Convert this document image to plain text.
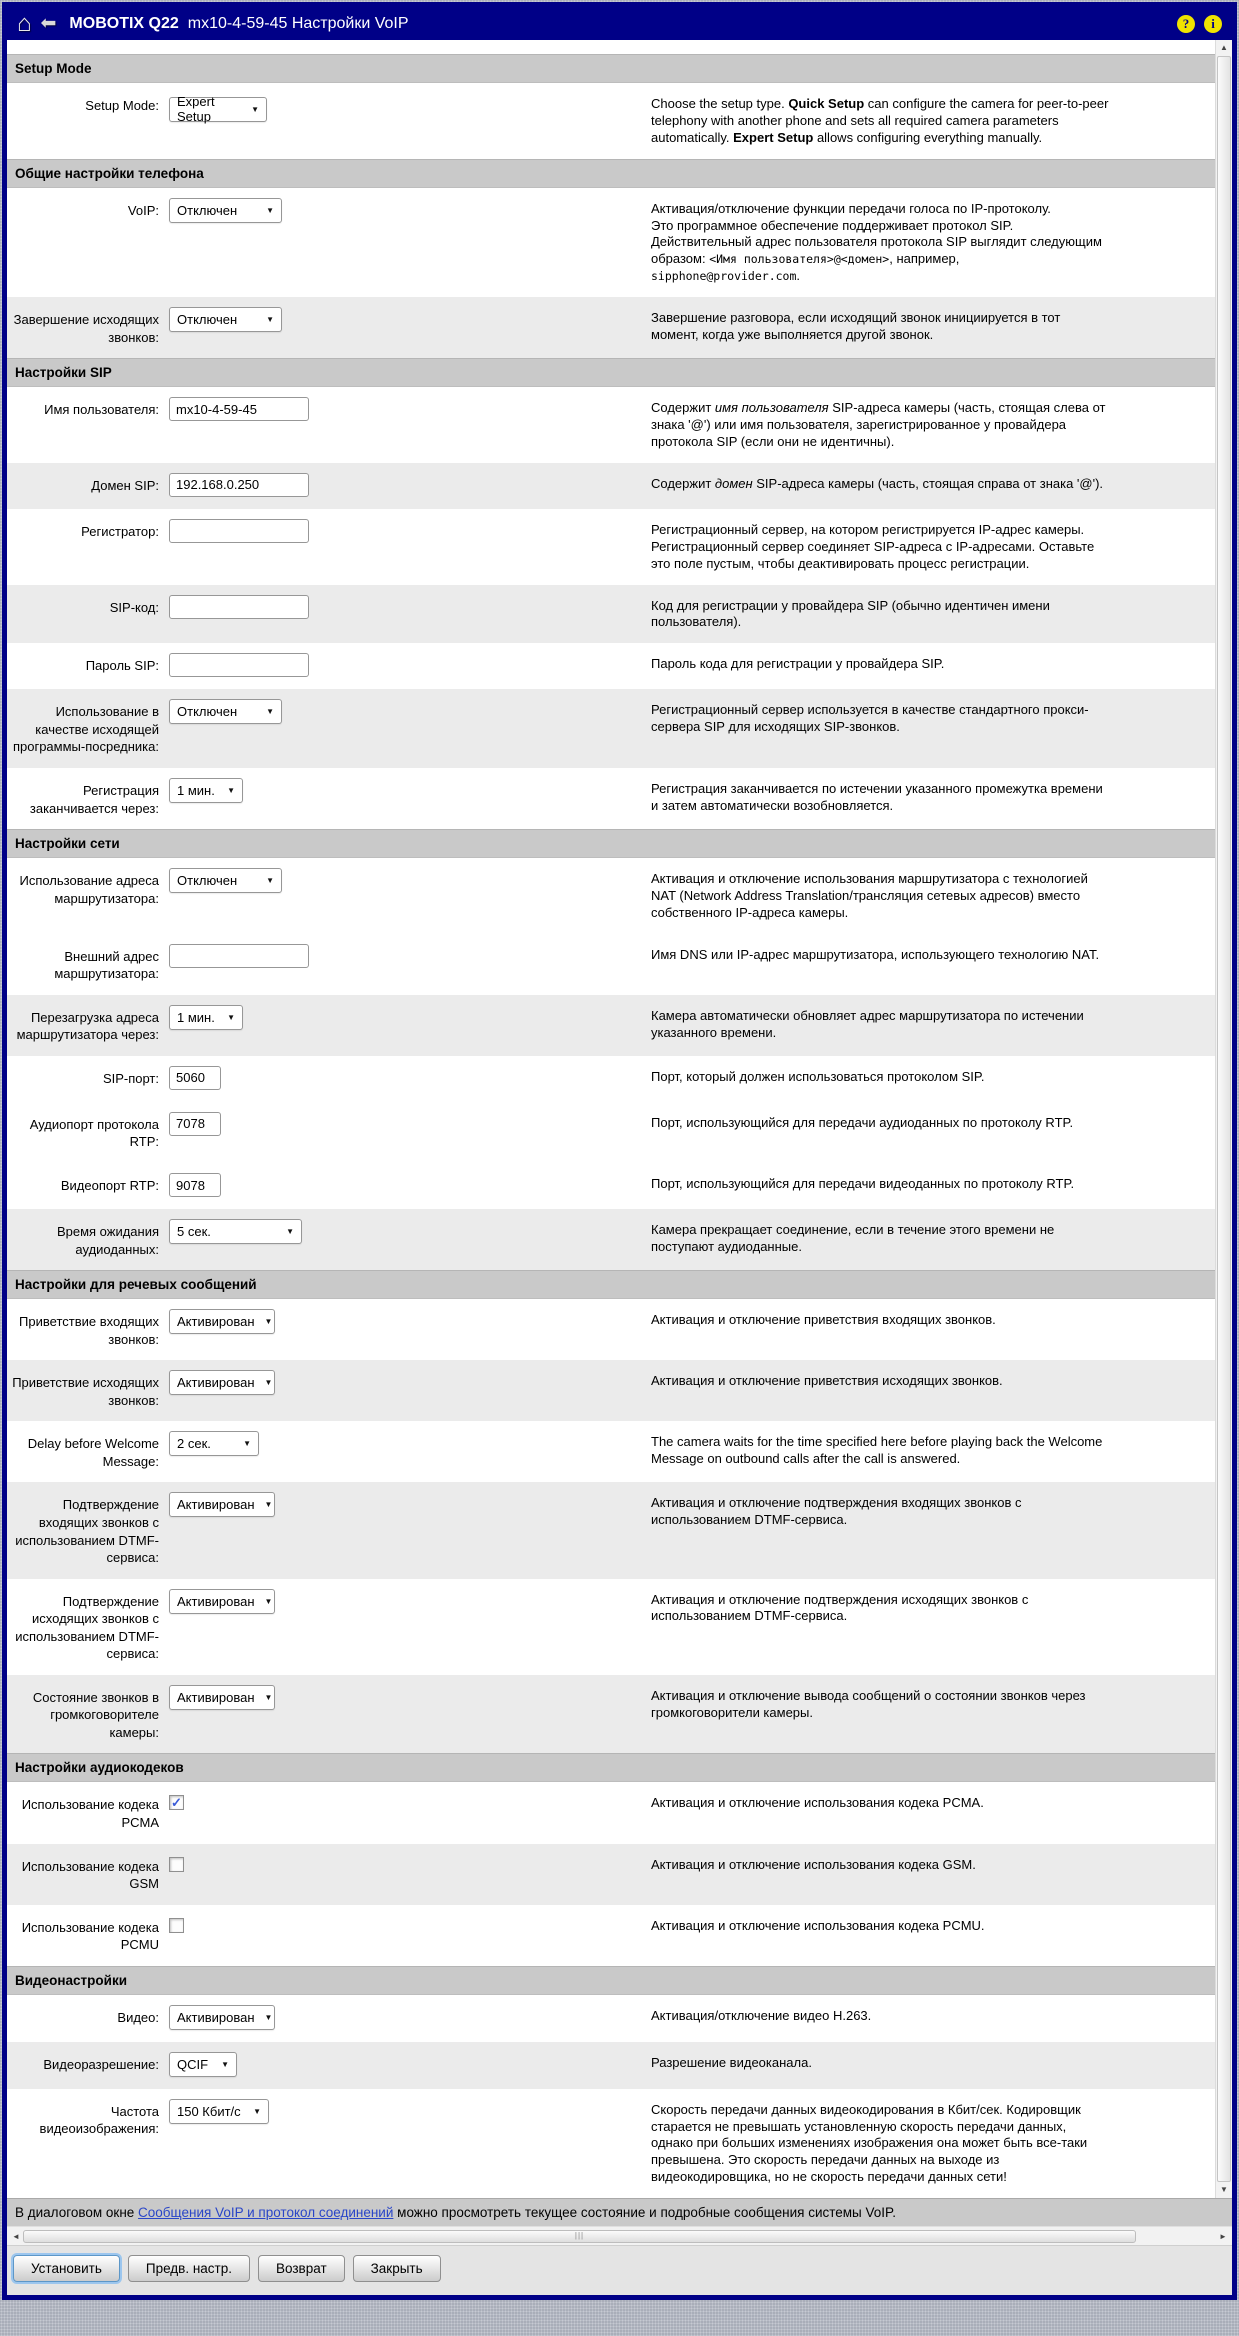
⌂ ⬅ MOBOTIX Q22 mx10-4-59-45 Настройки VoIP	?	i
Setup Mode
Setup Mode: Expert Setup	▼	Choose the setup type. Quick Setup can configure the camera for peer-to-peer telephony with another phone and sets all required camera parameters automatically. Expert Setup allows configuring everything manually.
Общие настройки телефона
VoIP: Отключен	▼	Активация/отключение функции передачи голоса по IP-протоколу.
Это программное обеспечение поддерживает протокол SIP.
Действительный адрес пользователя протокола SIP выглядит следующим образом: <Имя пользователя>@<домен>, например, sipphone@provider.com.
Завершение исходящих звонков:
Отключен	▼	Завершение разговора, если исходящий звонок инициируется в тот момент, когда уже выполняется другой звонок.
Настройки SIP
Имя пользователя:
mx10-4-59-45	Содержит имя пользователя SIP-адреса камеры (часть, стоящая слева от знака '@') или имя пользователя, зарегистрированное у провайдера протокола SIP (если они не идентичны).
Домен SIP:
192.168.0.250	Содержит домен SIP-адреса камеры (часть, стоящая справа от знака '@').
Регистратор:	Регистрационный сервер, на котором регистрируется IP-адрес камеры. Регистрационный сервер соединяет SIP-адреса с IP-адресами. Оставьте это поле пустым, чтобы деактивировать процесс регистрации.
SIP-код:	Код для регистрации у провайдера SIP (обычно идентичен имени пользователя).
Пароль SIP:	Пароль кода для регистрации у провайдера SIP.
Использование в качестве исходящей программы-посредника:
Отключен	▼	Регистрационный сервер используется в качестве стандартного прокси-сервера SIP для исходящих SIP-звонков.
Регистрация заканчивается через:
1 мин. ▼	Регистрация заканчивается по истечении указанного промежутка времени и затем автоматически возобновляется.
Настройки сети
Использование адреса маршрутизатора:
Отключен	▼	Активация и отключение использования маршрутизатора с технологией NAT (Network Address Translation/трансляция сетевых адресов) вместо собственного IP-адреса камеры.
Внешний адрес маршрутизатора:
Имя DNS или IP-адрес маршрутизатора, использующего технологию NAT.
Перезагрузка адреса маршрутизатора через:
1 мин. ▼	Камера автоматически обновляет адрес маршрутизатора по истечении указанного времени.
SIP-порт:
5060	Порт, который должен использоваться протоколом SIP.
Аудиопорт протокола RTP:
7078
Порт, использующийся для передачи аудиоданных по протоколу RTP.
Видеопорт RTP:
9078	Порт, использующийся для передачи видеоданных по протоколу RTP.
Время ожидания аудиоданных:
5 сек.	▼	Камера прекращает соединение, если в течение этого времени не поступают аудиоданные.
Настройки для речевых сообщений
Приветствие входящих звонков:
Активирован ▼	Активация и отключение приветствия входящих звонков.
Приветствие исходящих звонков:
Активирован ▼	Активация и отключение приветствия исходящих звонков.
Delay before Welcome Message:
2 сек.	▼	The camera waits for the time specified here before playing back the Welcome Message on outbound calls after the call is answered.
Подтверждение входящих звонков с использованием DTMF-сервиса:
Активирован ▼	Активация и отключение подтверждения входящих звонков с использованием DTMF-сервиса.
Подтверждение исходящих звонков с использованием DTMF-сервиса:
Активирован ▼	Активация и отключение подтверждения исходящих звонков с использованием DTMF-сервиса.
Состояние звонков в громкоговорителе камеры:
Активирован ▼	Активация и отключение вывода сообщений о состоянии звонков через громкоговорители камеры.
Настройки аудиокодеков
Использование кодека PCMA
✓	Активация и отключение использования кодека PCMA.
Использование кодека GSM
Активация и отключение использования кодека GSM.
Использование кодека PCMU
Активация и отключение использования кодека PCMU.
Видеонастройки
Видео: Активирован ▼	Активация/отключение видео H.263.
Видеоразрешение: QCIF ▼	Разрешение видеоканала.
Частота видеоизображения:
150 Кбит/с ▼	Скорость передачи данных видеокодирования в Кбит/сек. Кодировщик старается не превышать установленную скорость передачи данных, однако при больших изменениях изображения она может быть все-таки превышена. Это скорость передачи данных на выходе из видеокодировщика, но не скорость передачи данных сети!
▲
▼
В диалоговом окне Сообщения VoIP и протокол соединений можно просмотреть текущее состояние и подробные сообщения системы VoIP.
◄	|||	►
Установить	Предв. настр.	Возврат	Закрыть
